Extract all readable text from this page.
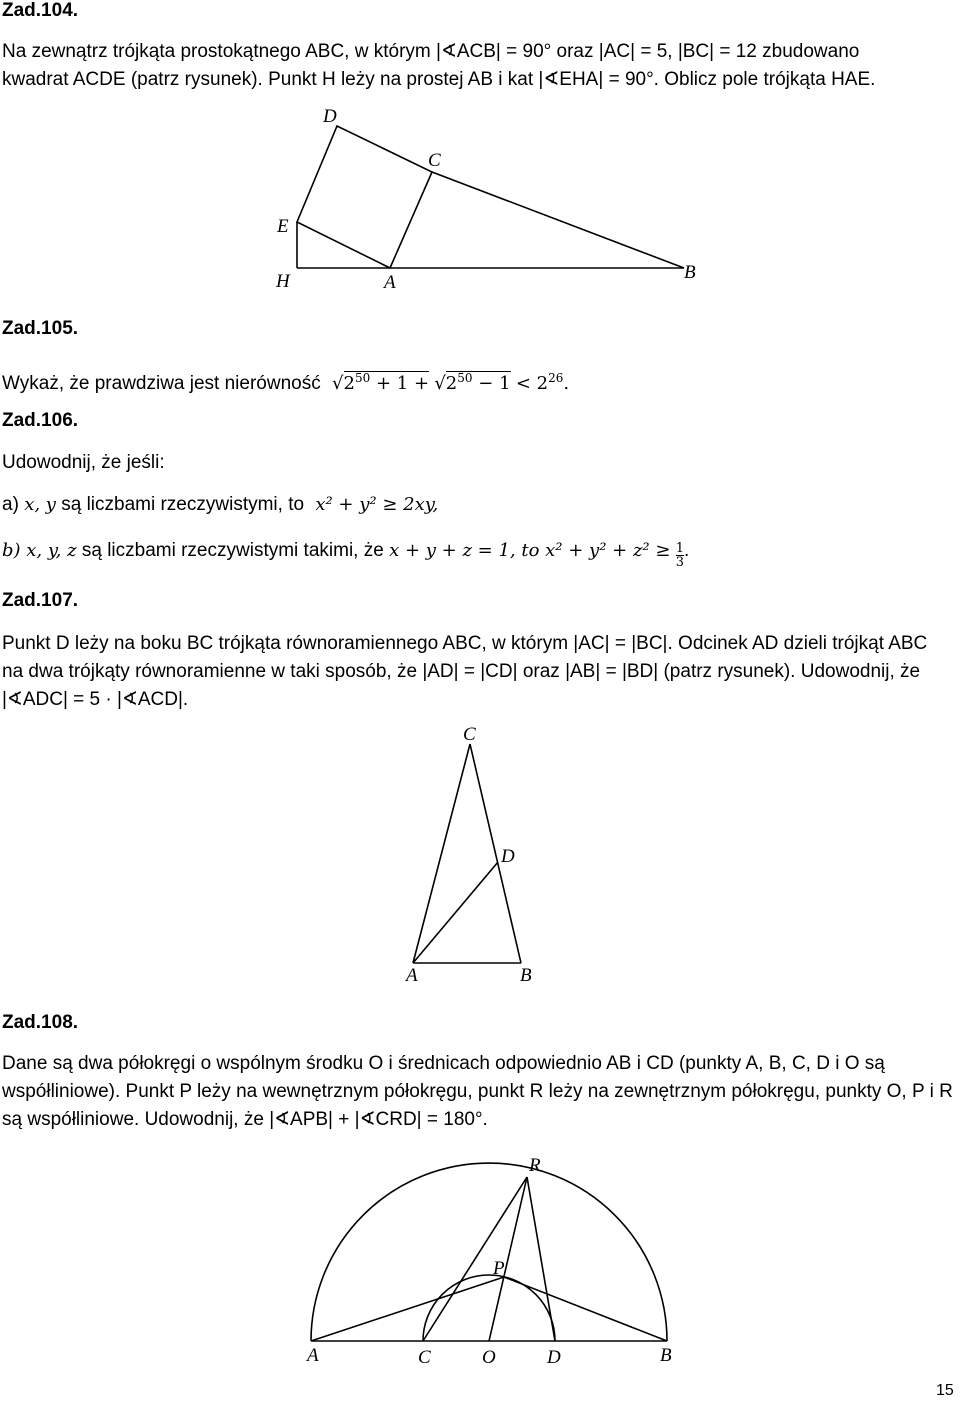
Zad.104.
Na zewnątrz trójkąta prostokątnego ABC, w którym |∢ACB| = 90° oraz |AC| = 5, |BC| = 12 zbudowano
kwadrat ACDE (patrz rysunek). Punkt H leży na prostej AB i kat |∢EHA| = 90°. Oblicz pole trójkąta HAE.
D
C
E
H	A	B
Zad.105.
Wykaż, że prawdziwa jest nierówność $√2^{50} + 1 + √2^{50} - 1 < 2^{26}$.
Zad.106.
Udowodnij, że jeśli:
a) x, y są liczbami rzeczywistymi, to x² + y² ≥ 2xy,
b) x, y, z są liczbami rzeczywistymi takimi, że x + y + z = 1, to $x^2 + y^2 + z^2 \ge \frac{1}{3}$ .
Zad.107.
Punkt D leży na boku BC trójkąta równoramiennego ABC, w którym |AC| = |BC|. Odcinek AD dzieli trójkąt ABC
na dwa trójkąty równoramienne w taki sposób, że |AD| = |CD| oraz |AB| = |BD| (patrz rysunek). Udowodnij, że
|∢ADC| = 5 · |∢ACD|.
C
D
A	B
Zad.108.
Dane są dwa półokręgi o wspólnym środku O i średnicach odpowiednio AB i CD (punkty A, B, C, D i O są
współliniowe). Punkt P leży na wewnętrznym półokręgu, punkt R leży na zewnętrznym półokręgu, punkty O, P i R
są współliniowe. Udowodnij, że |∢APB| + |∢CRD| = 180°.
R
P
A	C	O	D	B
15
